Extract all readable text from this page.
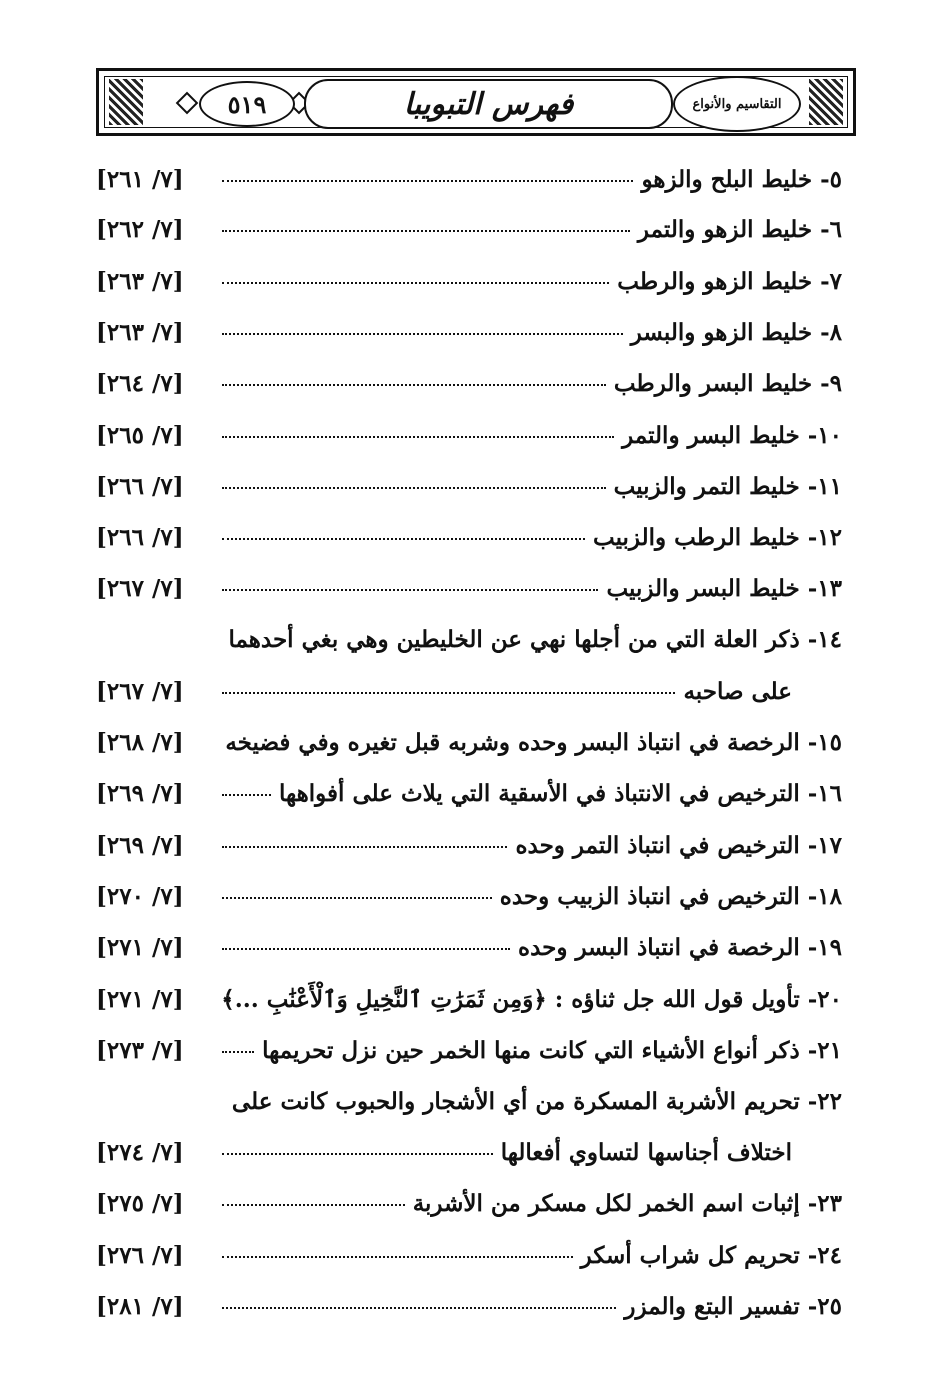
٥١٩	فهرس التبويبا	التقاسيم والأنواع
٥- خليط البلح والزهو
[٧/ ٢٦١]
٦- خليط الزهو والتمر
[٧/ ٢٦٢]
٧- خليط الزهو والرطب
[٧/ ٢٦٣]
٨- خليط الزهو والبسر
[٧/ ٢٦٣]
٩- خليط البسر والرطب
[٧/ ٢٦٤]
١٠- خليط البسر والتمر
[٧/ ٢٦٥]
١١- خليط التمر والزبيب
[٧/ ٢٦٦]
١٢- خليط الرطب والزبيب
[٧/ ٢٦٦]
١٣- خليط البسر والزبيب
[٧/ ٢٦٧]
١٤- ذكر العلة التي من أجلها نهي عن الخليطين وهي بغي أحدهما
على صاحبه
[٧/ ٢٦٧]
١٥- الرخصة في انتباذ البسر وحده وشربه قبل تغيره وفي فضيخه
[٧/ ٢٦٨]
١٦- الترخيص في الانتباذ في الأسقية التي يلاث على أفواهها
[٧/ ٢٦٩]
١٧- الترخيص في انتباذ التمر وحده
[٧/ ٢٦٩]
١٨- الترخيص في انتباذ الزبيب وحده
[٧/ ٢٧٠]
١٩- الرخصة في انتباذ البسر وحده
[٧/ ٢٧١]
٢٠- تأويل قول الله جل ثناؤه : ﴿وَمِن ثَمَرَٰتِ ٱلنَّخِيلِ وَٱلْأَعْنَٰبِ ...﴾
[٧/ ٢٧١]
٢١- ذكر أنواع الأشياء التي كانت منها الخمر حين نزل تحريمها
[٧/ ٢٧٣]
٢٢- تحريم الأشربة المسكرة من أي الأشجار والحبوب كانت على
اختلاف أجناسها لتساوي أفعالها
[٧/ ٢٧٤]
٢٣- إثبات اسم الخمر لكل مسكر من الأشربة
[٧/ ٢٧٥]
٢٤- تحريم كل شراب أسكر
[٧/ ٢٧٦]
٢٥- تفسير البتع والمزر
[٧/ ٢٨١]
